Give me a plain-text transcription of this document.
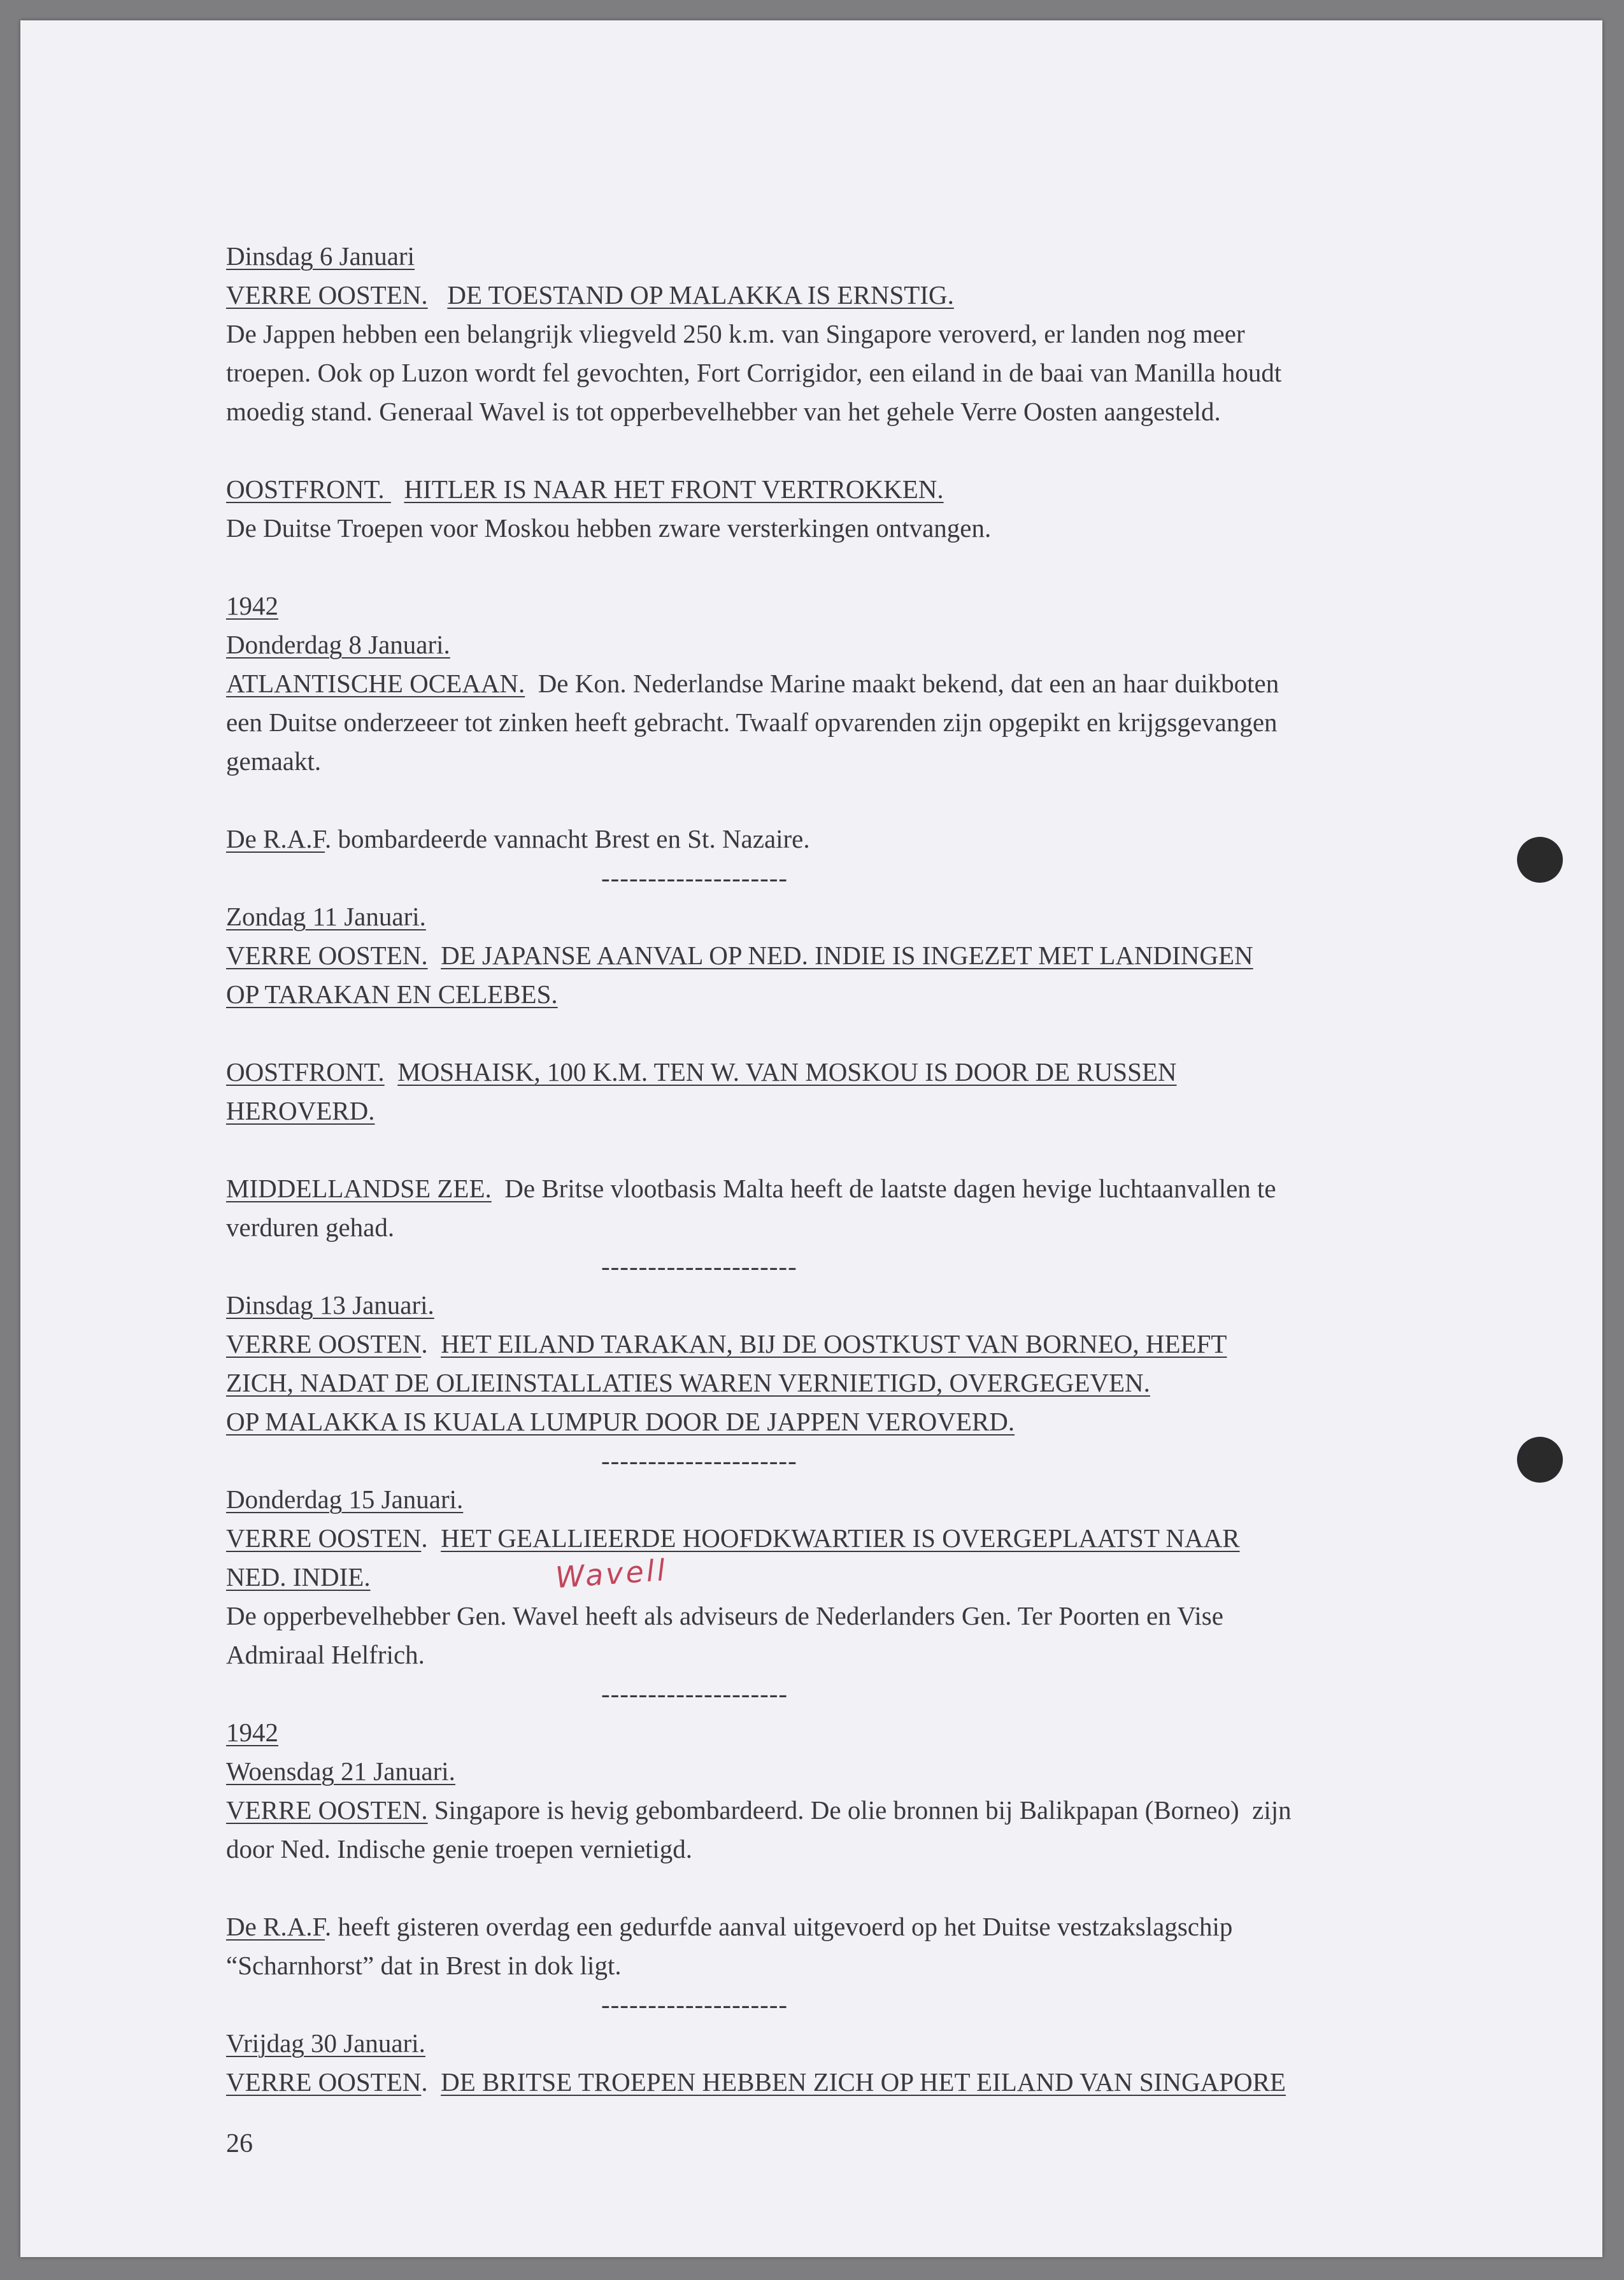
Dinsdag 6 Januari
VERRE OOSTEN. DE TOESTAND OP MALAKKA IS ERNSTIG.
De Jappen hebben een belangrijk vliegveld 250 k.m. van Singapore veroverd, er landen nog meer
troepen. Ook op Luzon wordt fel gevochten, Fort Corrigidor, een eiland in de baai van Manilla houdt
moedig stand. Generaal Wavel is tot opperbevelhebber van het gehele Verre Oosten aangesteld.
OOSTFRONT.   HITLER IS NAAR HET FRONT VERTROKKEN.
De Duitse Troepen voor Moskou hebben zware versterkingen ontvangen.
1942
Donderdag 8 Januari.
ATLANTISCHE OCEAAN.  De Kon. Nederlandse Marine maakt bekend, dat een an haar duikboten
een Duitse onderzeeer tot zinken heeft gebracht. Twaalf opvarenden zijn opgepikt en krijgsgevangen
gemaakt.
De R.A.F. bombardeerde vannacht Brest en St. Nazaire.
--------------------
Zondag 11 Januari.
VERRE OOSTEN. DE JAPANSE AANVAL OP NED. INDIE IS INGEZET MET LANDINGEN
OP TARAKAN EN CELEBES.
OOSTFRONT. MOSHAISK, 100 K.M. TEN W. VAN MOSKOU IS DOOR DE RUSSEN
HEROVERD.
MIDDELLANDSE ZEE.  De Britse vlootbasis Malta heeft de laatste dagen hevige luchtaanvallen te
verduren gehad.
---------------------
Dinsdag 13 Januari.
VERRE OOSTEN.  HET EILAND TARAKAN, BIJ DE OOSTKUST VAN BORNEO, HEEFT
ZICH, NADAT DE OLIEINSTALLATIES WAREN VERNIETIGD, OVERGEGEVEN.
OP MALAKKA IS KUALA LUMPUR DOOR DE JAPPEN VEROVERD.
---------------------
Donderdag 15 Januari.
VERRE OOSTEN.  HET GEALLIEERDE HOOFDKWARTIER IS OVERGEPLAATST NAAR
NED. INDIE.
De opperbevelhebber Gen. Wavel heeft als adviseurs de Nederlanders Gen. Ter Poorten en Vise
Admiraal Helfrich.
--------------------
1942
Woensdag 21 Januari.
VERRE OOSTEN. Singapore is hevig gebombardeerd. De olie bronnen bij Balikpapan (Borneo)  zijn
door Ned. Indische genie troepen vernietigd.
De R.A.F. heeft gisteren overdag een gedurfde aanval uitgevoerd op het Duitse vestzakslagschip
“Scharnhorst” dat in Brest in dok ligt.
--------------------
Vrijdag 30 Januari.
VERRE OOSTEN.  DE BRITSE TROEPEN HEBBEN ZICH OP HET EILAND VAN SINGAPORE
Wavell
26
